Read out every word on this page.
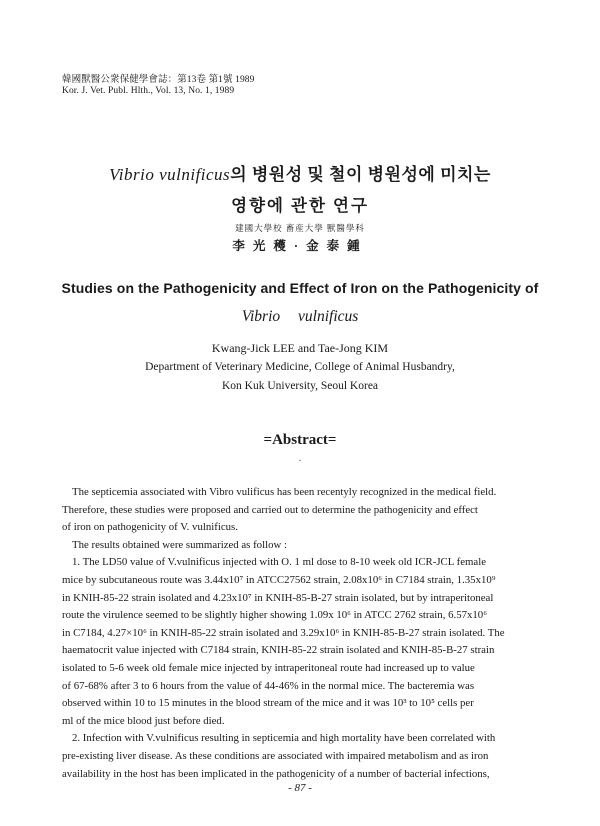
韓國獸醫公衆保健學會誌：第13卷 第1號 1989
Kor. J. Vet. Publ. Hlth., Vol. 13, No. 1, 1989
Vibrio vulnificus의 병원성 및 철이 병원성에 미치는
영향에 관한 연구
建國大學校 畜産大學 獸醫學科
李光穫·金泰鍾
Studies on the Pathogenicity and Effect of Iron on the Pathogenicity of
Vibrio vulnificus
Kwang-Jick LEE and Tae-Jong KIM
Department of Veterinary Medicine, College of Animal Husbandry,
Kon Kuk University, Seoul Korea
=Abstract=
·
The septicemia associated with Vibro vulificus has been recentyly recognized in the medical field.
Therefore, these studies were proposed and carried out to determine the pathogenicity and effect
of iron on pathogenicity of V. vulnificus.
The results obtained were summarized as follow :
1. The LD50 value of V.vulnificus injected with O. 1 ml dose to 8-10 week old ICR-JCL female
mice by subcutaneous route was 3.44x10⁷ in ATCC27562 strain, 2.08x10⁶ in C7184 strain, 1.35x10⁹
in KNIH-85-22 strain isolated and 4.23x10⁷ in KNIH-85-B-27 strain isolated, but by intraperitoneal
route the virulence seemed to be slightly higher showing 1.09x 10⁶ in ATCC 2762 strain, 6.57x10⁶
in C7184, 4.27×10⁶ in KNIH-85-22 strain isolated and 3.29x10⁶ in KNIH-85-B-27 strain isolated. The
haematocrit value injected with C7184 strain, KNIH-85-22 strain isolated and KNIH-85-B-27 strain
isolated to 5-6 week old female mice injected by intraperitoneal route had increased up to value
of 67-68% after 3 to 6 hours from the value of 44-46% in the normal mice. The bacteremia was
observed within 10 to 15 minutes in the blood stream of the mice and it was 10³ to 10⁵ cells per
ml of the mice blood just before died.
2. Infection with V.vulnificus resulting in septicemia and high mortality have been correlated with
pre-existing liver disease. As these conditions are associated with impaired metabolism and as iron
availability in the host has been implicated in the pathogenicity of a number of bacterial infections,
- 87 -
